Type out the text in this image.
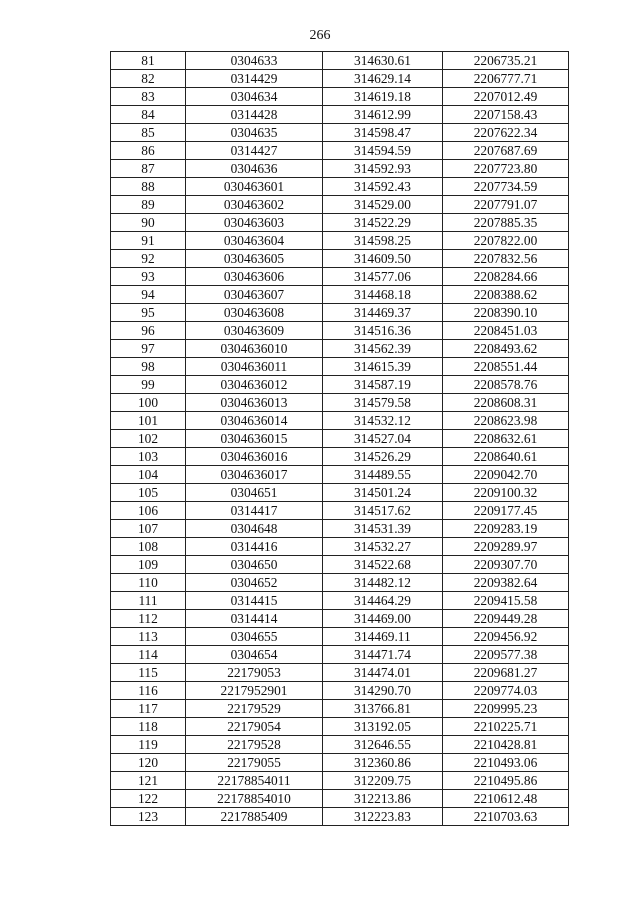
266
81	0304633	314630.61	2206735.21
82	0314429	314629.14	2206777.71
83	0304634	314619.18	2207012.49
84	0314428	314612.99	2207158.43
85	0304635	314598.47	2207622.34
86	0314427	314594.59	2207687.69
87	0304636	314592.93	2207723.80
88	030463601	314592.43	2207734.59
89	030463602	314529.00	2207791.07
90	030463603	314522.29	2207885.35
91	030463604	314598.25	2207822.00
92	030463605	314609.50	2207832.56
93	030463606	314577.06	2208284.66
94	030463607	314468.18	2208388.62
95	030463608	314469.37	2208390.10
96	030463609	314516.36	2208451.03
97	0304636010	314562.39	2208493.62
98	0304636011	314615.39	2208551.44
99	0304636012	314587.19	2208578.76
100	0304636013	314579.58	2208608.31
101	0304636014	314532.12	2208623.98
102	0304636015	314527.04	2208632.61
103	0304636016	314526.29	2208640.61
104	0304636017	314489.55	2209042.70
105	0304651	314501.24	2209100.32
106	0314417	314517.62	2209177.45
107	0304648	314531.39	2209283.19
108	0314416	314532.27	2209289.97
109	0304650	314522.68	2209307.70
110	0304652	314482.12	2209382.64
111	0314415	314464.29	2209415.58
112	0314414	314469.00	2209449.28
113	0304655	314469.11	2209456.92
114	0304654	314471.74	2209577.38
115	22179053	314474.01	2209681.27
116	2217952901	314290.70	2209774.03
117	22179529	313766.81	2209995.23
118	22179054	313192.05	2210225.71
119	22179528	312646.55	2210428.81
120	22179055	312360.86	2210493.06
121	22178854011	312209.75	2210495.86
122	22178854010	312213.86	2210612.48
123	2217885409	312223.83	2210703.63
